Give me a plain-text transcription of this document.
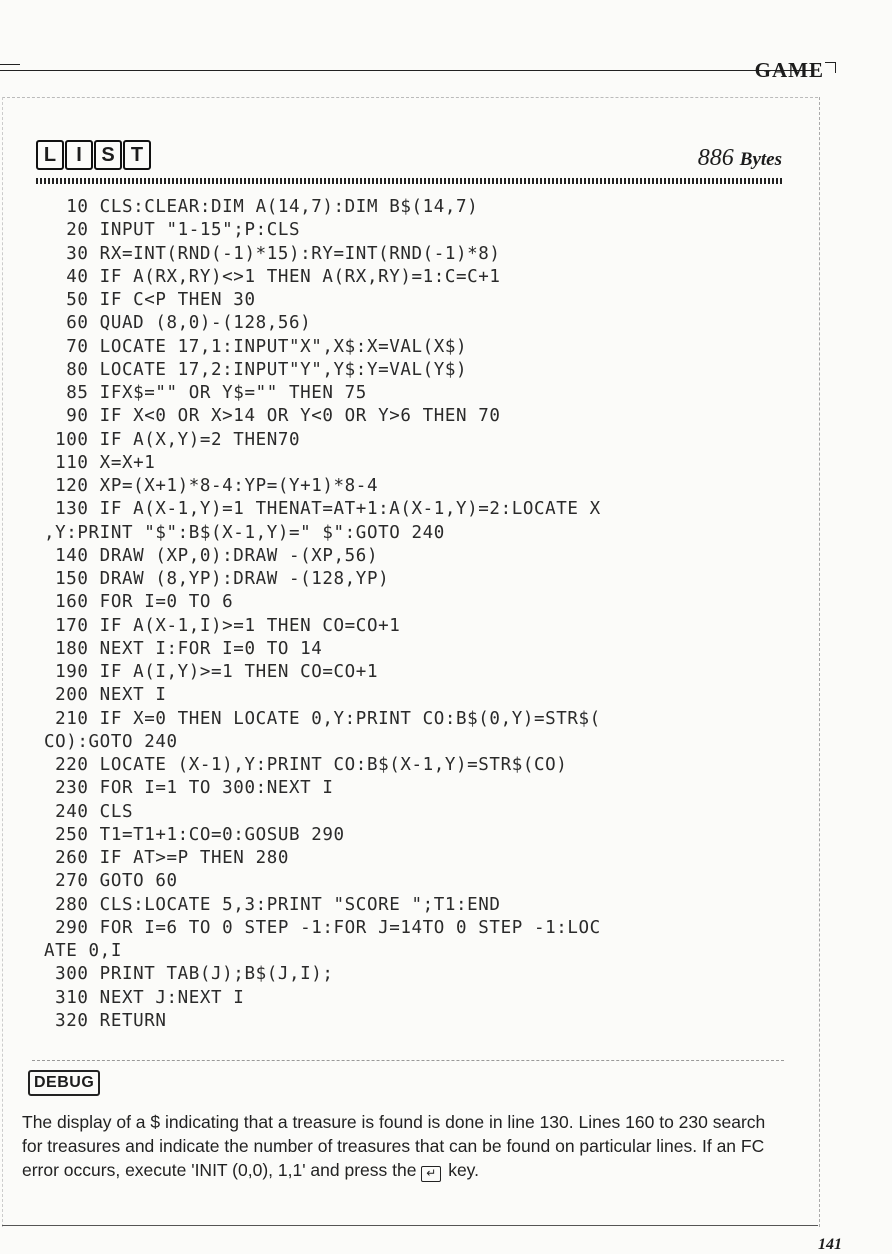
GAME
L	I S T	886 Bytes
10 CLS:CLEAR:DIM A(14,7):DIM B$(14,7)
20 INPUT "1-15";P:CLS
30 RX=INT(RND(-1)*15):RY=INT(RND(-1)*8)
40 IF A(RX,RY)<>1 THEN A(RX,RY)=1:C=C+1
50 IF C<P THEN 30
60 QUAD (8,0)-(128,56)
70 LOCATE 17,1:INPUT"X",X$:X=VAL(X$)
80 LOCATE 17,2:INPUT"Y",Y$:Y=VAL(Y$)
85 IFX$="" OR Y$="" THEN 75
90 IF X<0 OR X>14 OR Y<0 OR Y>6 THEN 70
100 IF A(X,Y)=2 THEN70
110 X=X+1
120 XP=(X+1)*8-4:YP=(Y+1)*8-4
130 IF A(X-1,Y)=1 THENAT=AT+1:A(X-1,Y)=2:LOCATE X
,Y:PRINT "$":B$(X-1,Y)=" $":GOTO 240
140 DRAW (XP,0):DRAW -(XP,56)
150 DRAW (8,YP):DRAW -(128,YP)
160 FOR I=0 TO 6
170 IF A(X-1,I)>=1 THEN CO=CO+1
180 NEXT I:FOR I=0 TO 14
190 IF A(I,Y)>=1 THEN CO=CO+1
200 NEXT I
210 IF X=0 THEN LOCATE 0,Y:PRINT CO:B$(0,Y)=STR$(
CO):GOTO 240
220 LOCATE (X-1),Y:PRINT CO:B$(X-1,Y)=STR$(CO)
230 FOR I=1 TO 300:NEXT I
240 CLS
250 T1=T1+1:CO=0:GOSUB 290
260 IF AT>=P THEN 280
270 GOTO 60
280 CLS:LOCATE 5,3:PRINT "SCORE ";T1:END
290 FOR I=6 TO 0 STEP -1:FOR J=14TO 0 STEP -1:LOC
ATE 0,I
300 PRINT TAB(J);B$(J,I);
310 NEXT J:NEXT I
320 RETURN
DEBUG

The display of a $ indicating that a treasure is found is done in line 130. Lines 160 to 230 search for treasures and indicate the number of treasures that can be found on particular lines. If an FC error occurs, execute 'INIT (0,0), 1,1' and press the ↵ key.

141
